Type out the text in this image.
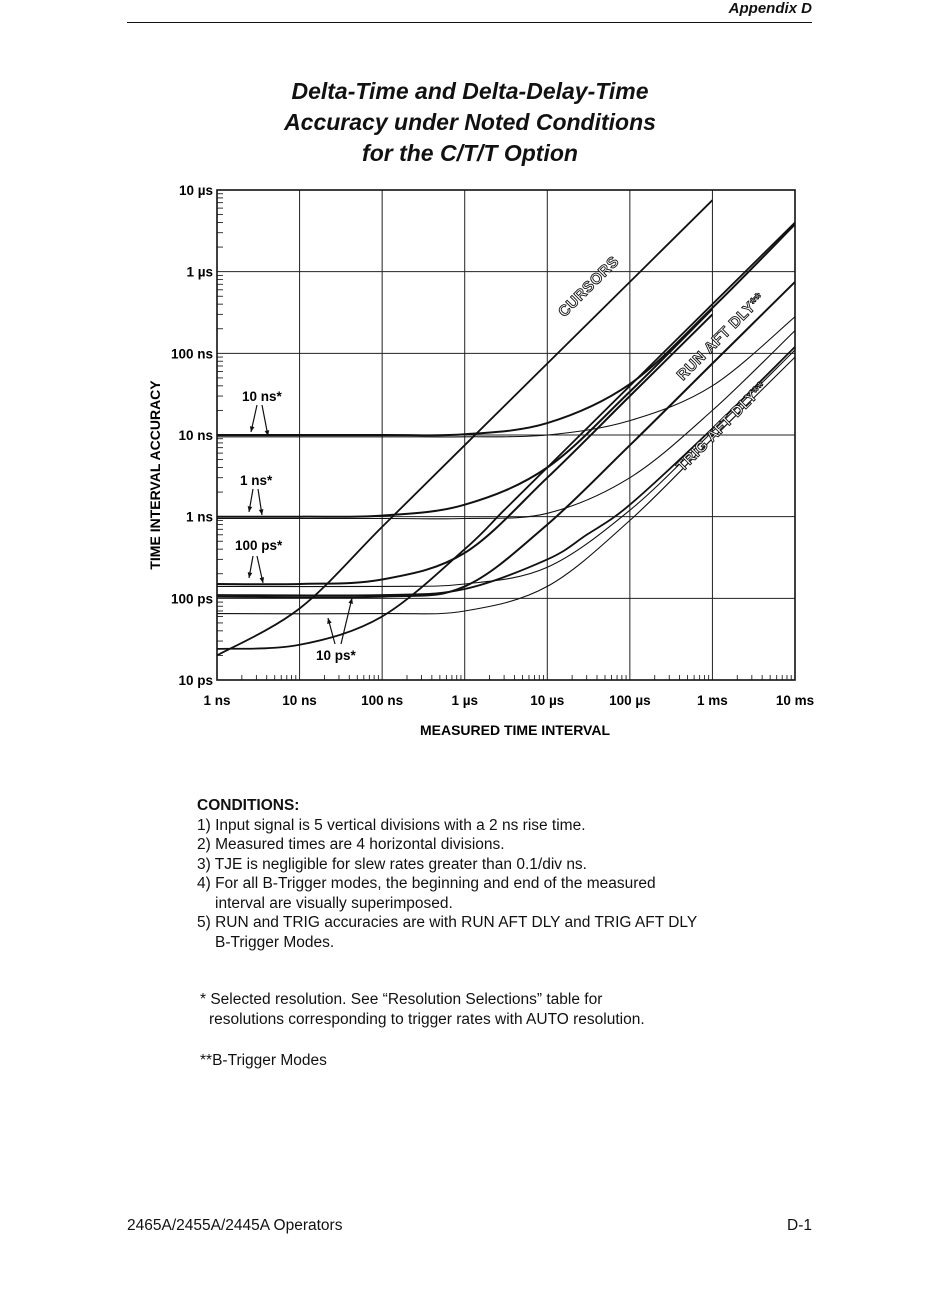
Appendix D
Delta-Time and Delta-Delay-Time
Accuracy under Noted Conditions
for the C/T/T Option
CURSORS
RUN AFT DLY**
TRIG AFT DLY**
10 ns*
1 ns*
100 ps*
10 ps*
1 ns	10 ns	100 ns	1 µs	10 µs	100 µs	1 ms	10 ms
10 ps
100 ps
1 ns
10 ns
100 ns
1 µs
10 µs
MEASURED TIME INTERVAL
TIME INTERVAL ACCURACY
CONDITIONS:
1) Input signal is 5 vertical divisions with a 2 ns rise time.
2) Measured times are 4 horizontal divisions.
3) TJE is negligible for slew rates greater than 0.1/div ns.
4) For all B-Trigger modes, the beginning and end of the measured
interval are visually superimposed.
5) RUN and TRIG accuracies are with RUN AFT DLY and TRIG AFT DLY
B-Trigger Modes.
* Selected resolution. See “Resolution Selections” table for
resolutions corresponding to trigger rates with AUTO resolution.
**B-Trigger Modes
2465A/2455A/2445A Operators	D-1
